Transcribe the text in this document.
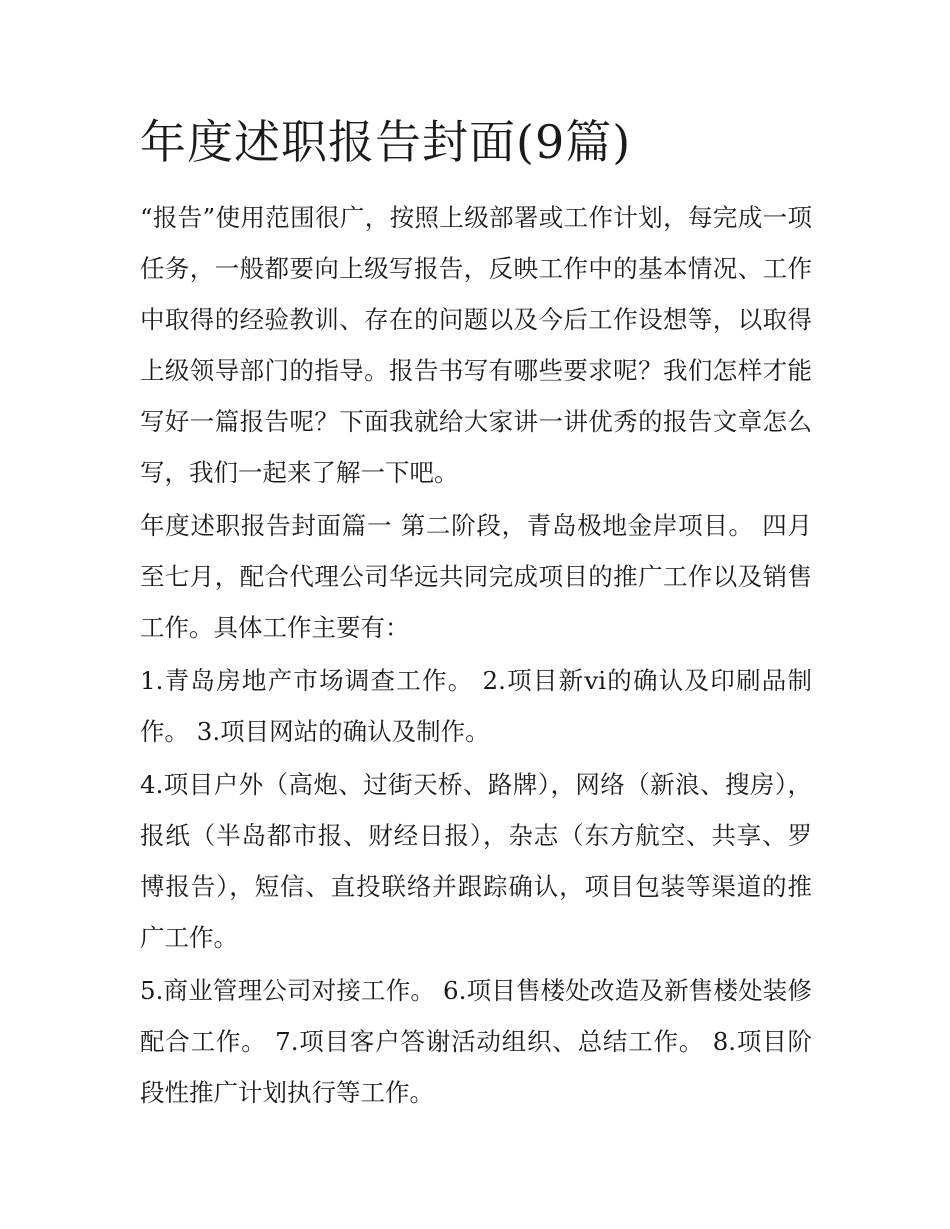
年度述职报告封面(9篇)

“报告”使用范围很广，按照上级部署或工作计划，每完成一项任务，一般都要向上级写报告，反映工作中的基本情况、工作中取得的经验教训、存在的问题以及今后工作设想等，以取得上级领导部门的指导。报告书写有哪些要求呢？我们怎样才能写好一篇报告呢？下面我就给大家讲一讲优秀的报告文章怎么写，我们一起来了解一下吧。

年度述职报告封面篇一 第二阶段，青岛极地金岸项目。 四月至七月，配合代理公司华远共同完成项目的推广工作以及销售工作。具体工作主要有：

1.青岛房地产市场调查工作。 2.项目新vi的确认及印刷品制作。 3.项目网站的确认及制作。

4.项目户外（高炮、过街天桥、路牌），网络（新浪、搜房），报纸（半岛都市报、财经日报），杂志（东方航空、共享、罗博报告），短信、直投联络并跟踪确认，项目包装等渠道的推广工作。

5.商业管理公司对接工作。 6.项目售楼处改造及新售楼处装修配合工作。 7.项目客户答谢活动组织、总结工作。 8.项目阶段性推广计划执行等工作。
